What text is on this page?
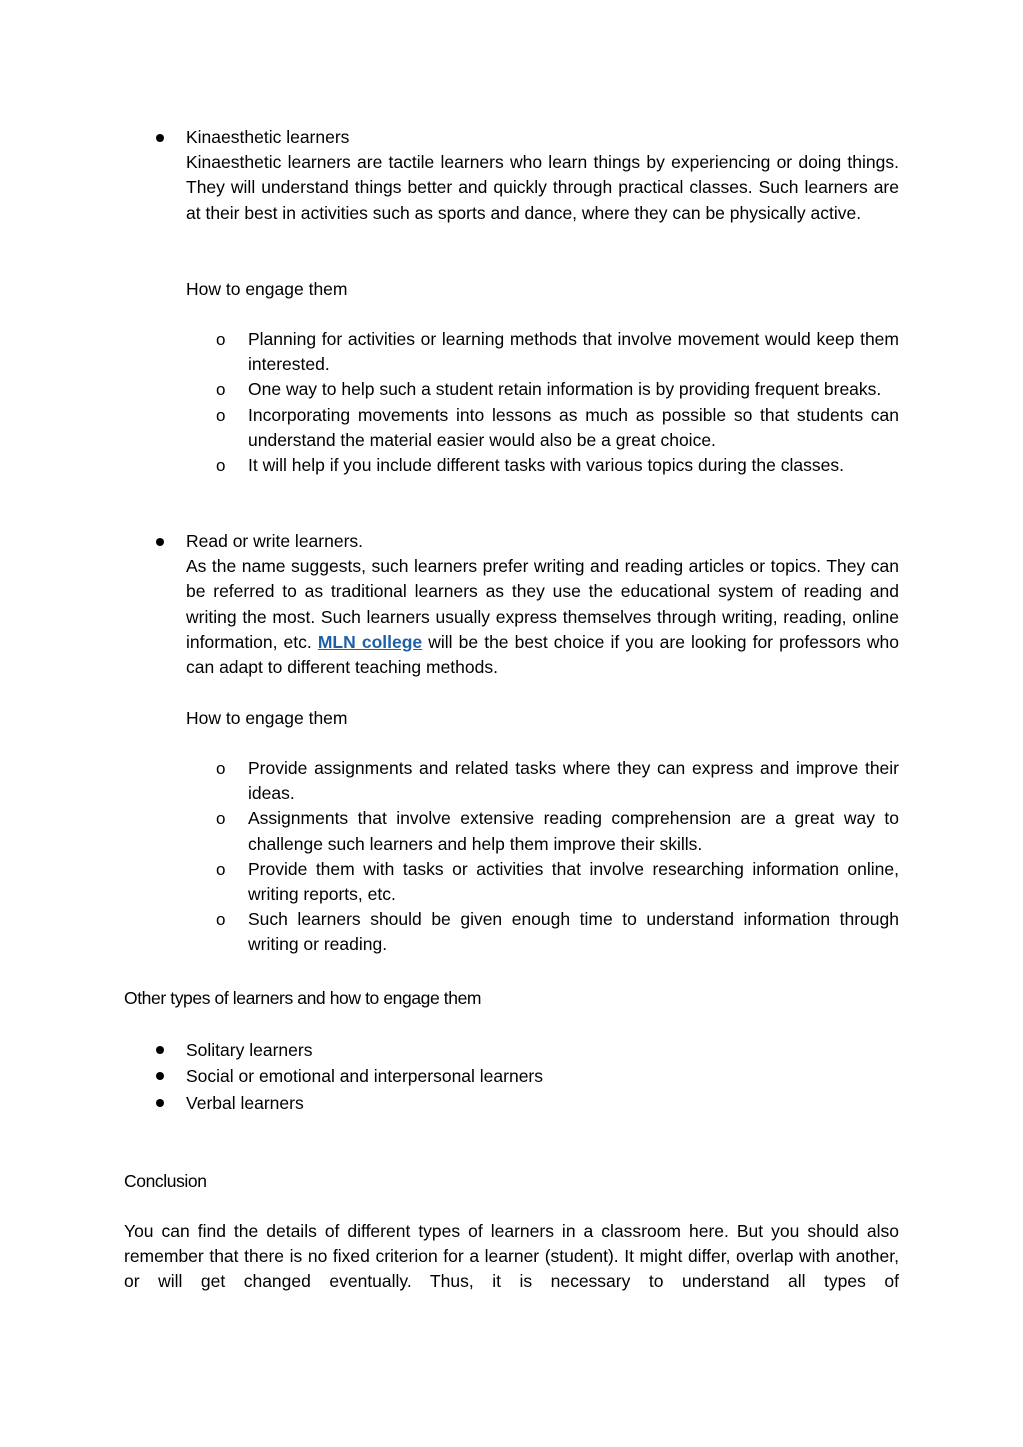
Kinaesthetic learners

Kinaesthetic learners are tactile learners who learn things by experiencing or doing things. They will understand things better and quickly through practical classes. Such learners are at their best in activities such as sports and dance, where they can be physically active.

How to engage them
o Planning for activities or learning methods that involve movement would keep them interested.
o One way to help such a student retain information is by providing frequent breaks.
o Incorporating movements into lessons as much as possible so that students can understand the material easier would also be a great choice.
o It will help if you include different tasks with various topics during the classes.
Read or write learners.

As the name suggests, such learners prefer writing and reading articles or topics. They can be referred to as traditional learners as they use the educational system of reading and writing the most. Such learners usually express themselves through writing, reading, online information, etc. MLN college will be the best choice if you are looking for professors who can adapt to different teaching methods.

How to engage them
o Provide assignments and related tasks where they can express and improve their ideas.
o Assignments that involve extensive reading comprehension are a great way to challenge such learners and help them improve their skills.
o Provide them with tasks or activities that involve researching information online, writing reports, etc.
o Such learners should be given enough time to understand information through writing or reading.
Other types of learners and how to engage them
Solitary learners
Social or emotional and interpersonal learners
Verbal learners
Conclusion

You can find the details of different types of learners in a classroom here. But you should also remember that there is no fixed criterion for a learner (student). It might differ, overlap with another, or will get changed eventually. Thus, it is necessary to understand all types of
